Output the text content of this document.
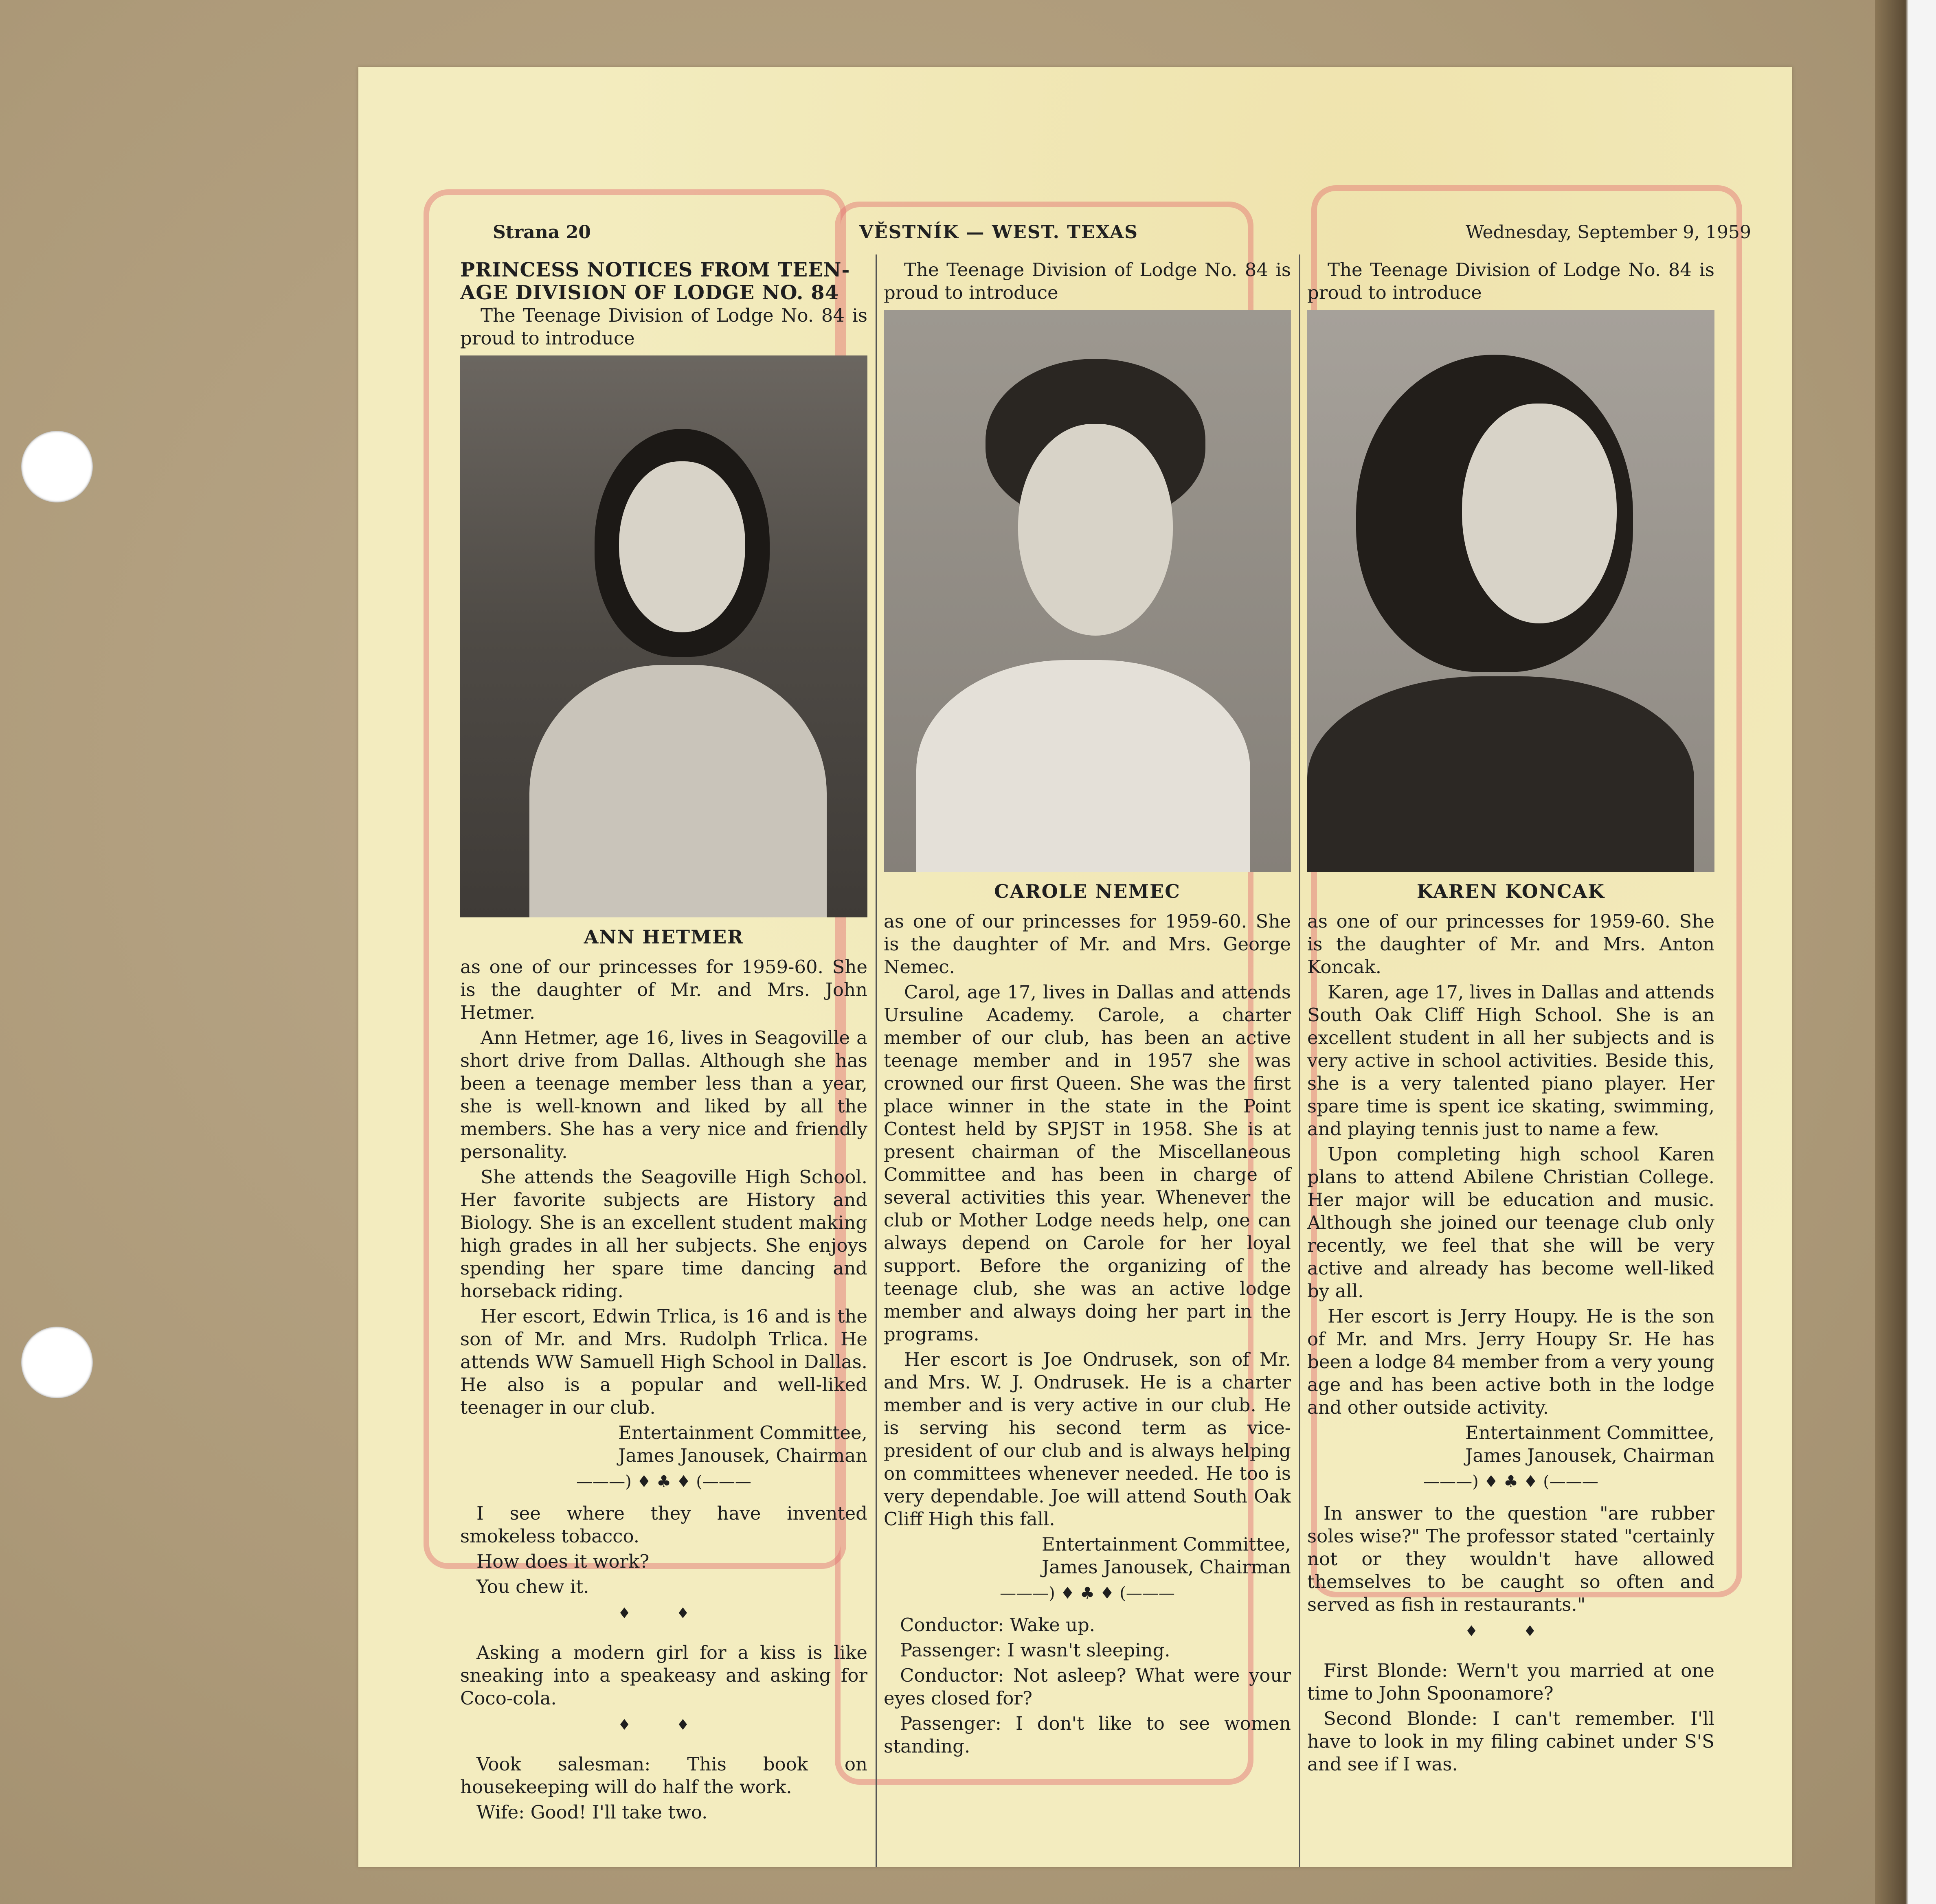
Strana 20	VĚSTNÍK — WEST. TEXAS	Wednesday, September 9, 1959
PRINCESS NOTICES FROM TEEN-
AGE DIVISION OF LODGE NO. 84

The Teenage Division of Lodge No. 84 is proud to introduce

ANN HETMER

as one of our princesses for 1959-60. She is the daughter of Mr. and Mrs. John Hetmer.

Ann Hetmer, age 16, lives in Seagoville a short drive from Dallas. Although she has been a teenage member less than a year, she is well-known and liked by all the members. She has a very nice and friendly personality.

She attends the Seagoville High School. Her favorite subjects are History and Biology. She is an excellent student making high grades in all her subjects. She enjoys spending her spare time dancing and horseback riding.

Her escort, Edwin Trlica, is 16 and is the son of Mr. and Mrs. Rudolph Trlica. He attends WW Samuell High School in Dallas. He also is a popular and well-liked teenager in our club.

Entertainment Committee,
James Janousek, Chairman
———) ♦ ♣ ♦ (———

I see where they have invented smokeless tobacco.

How does it work?

You chew it.

♦ ♦

Asking a modern girl for a kiss is like sneaking into a speakeasy and asking for Coco-cola.

♦ ♦

Vook salesman: This book on housekeeping will do half the work.

Wife: Good! I'll take two.

The Teenage Division of Lodge No. 84 is proud to introduce

CAROLE NEMEC

as one of our princesses for 1959-60. She is the daughter of Mr. and Mrs. George Nemec.

Carol, age 17, lives in Dallas and attends Ursuline Academy. Carole, a charter member of our club, has been an active teenage member and in 1957 she was crowned our first Queen. She was the first place winner in the state in the Point Contest held by SPJST in 1958. She is at present chairman of the Miscellaneous Committee and has been in charge of several activities this year. Whenever the club or Mother Lodge needs help, one can always depend on Carole for her loyal support. Before the organizing of the teenage club, she was an active lodge member and always doing her part in the programs.

Her escort is Joe Ondrusek, son of Mr. and Mrs. W. J. Ondrusek. He is a charter member and is very active in our club. He is serving his second term as vice-president of our club and is always helping on committees whenever needed. He too is very dependable. Joe will attend South Oak Cliff High this fall.

Entertainment Committee,
James Janousek, Chairman
———) ♦ ♣ ♦ (———

Conductor: Wake up.

Passenger: I wasn't sleeping.

Conductor: Not asleep? What were your eyes closed for?

Passenger: I don't like to see women standing.

The Teenage Division of Lodge No. 84 is proud to introduce

KAREN KONCAK

as one of our princesses for 1959-60. She is the daughter of Mr. and Mrs. Anton Koncak.

Karen, age 17, lives in Dallas and attends South Oak Cliff High School. She is an excellent student in all her subjects and is very active in school activities. Beside this, she is a very talented piano player. Her spare time is spent ice skating, swimming, and playing tennis just to name a few.

Upon completing high school Karen plans to attend Abilene Christian College. Her major will be education and music. Although she joined our teenage club only recently, we feel that she will be very active and already has become well-liked by all.

Her escort is Jerry Houpy. He is the son of Mr. and Mrs. Jerry Houpy Sr. He has been a lodge 84 member from a very young age and has been active both in the lodge and other outside activity.

Entertainment Committee,
James Janousek, Chairman
———) ♦ ♣ ♦ (———

In answer to the question "are rubber soles wise?" The professor stated "certainly not or they wouldn't have allowed themselves to be caught so often and served as fish in restaurants."

♦ ♦

First Blonde: Wern't you married at one time to John Spoonamore?

Second Blonde: I can't remember. I'll have to look in my filing cabinet under S'S and see if I was.
